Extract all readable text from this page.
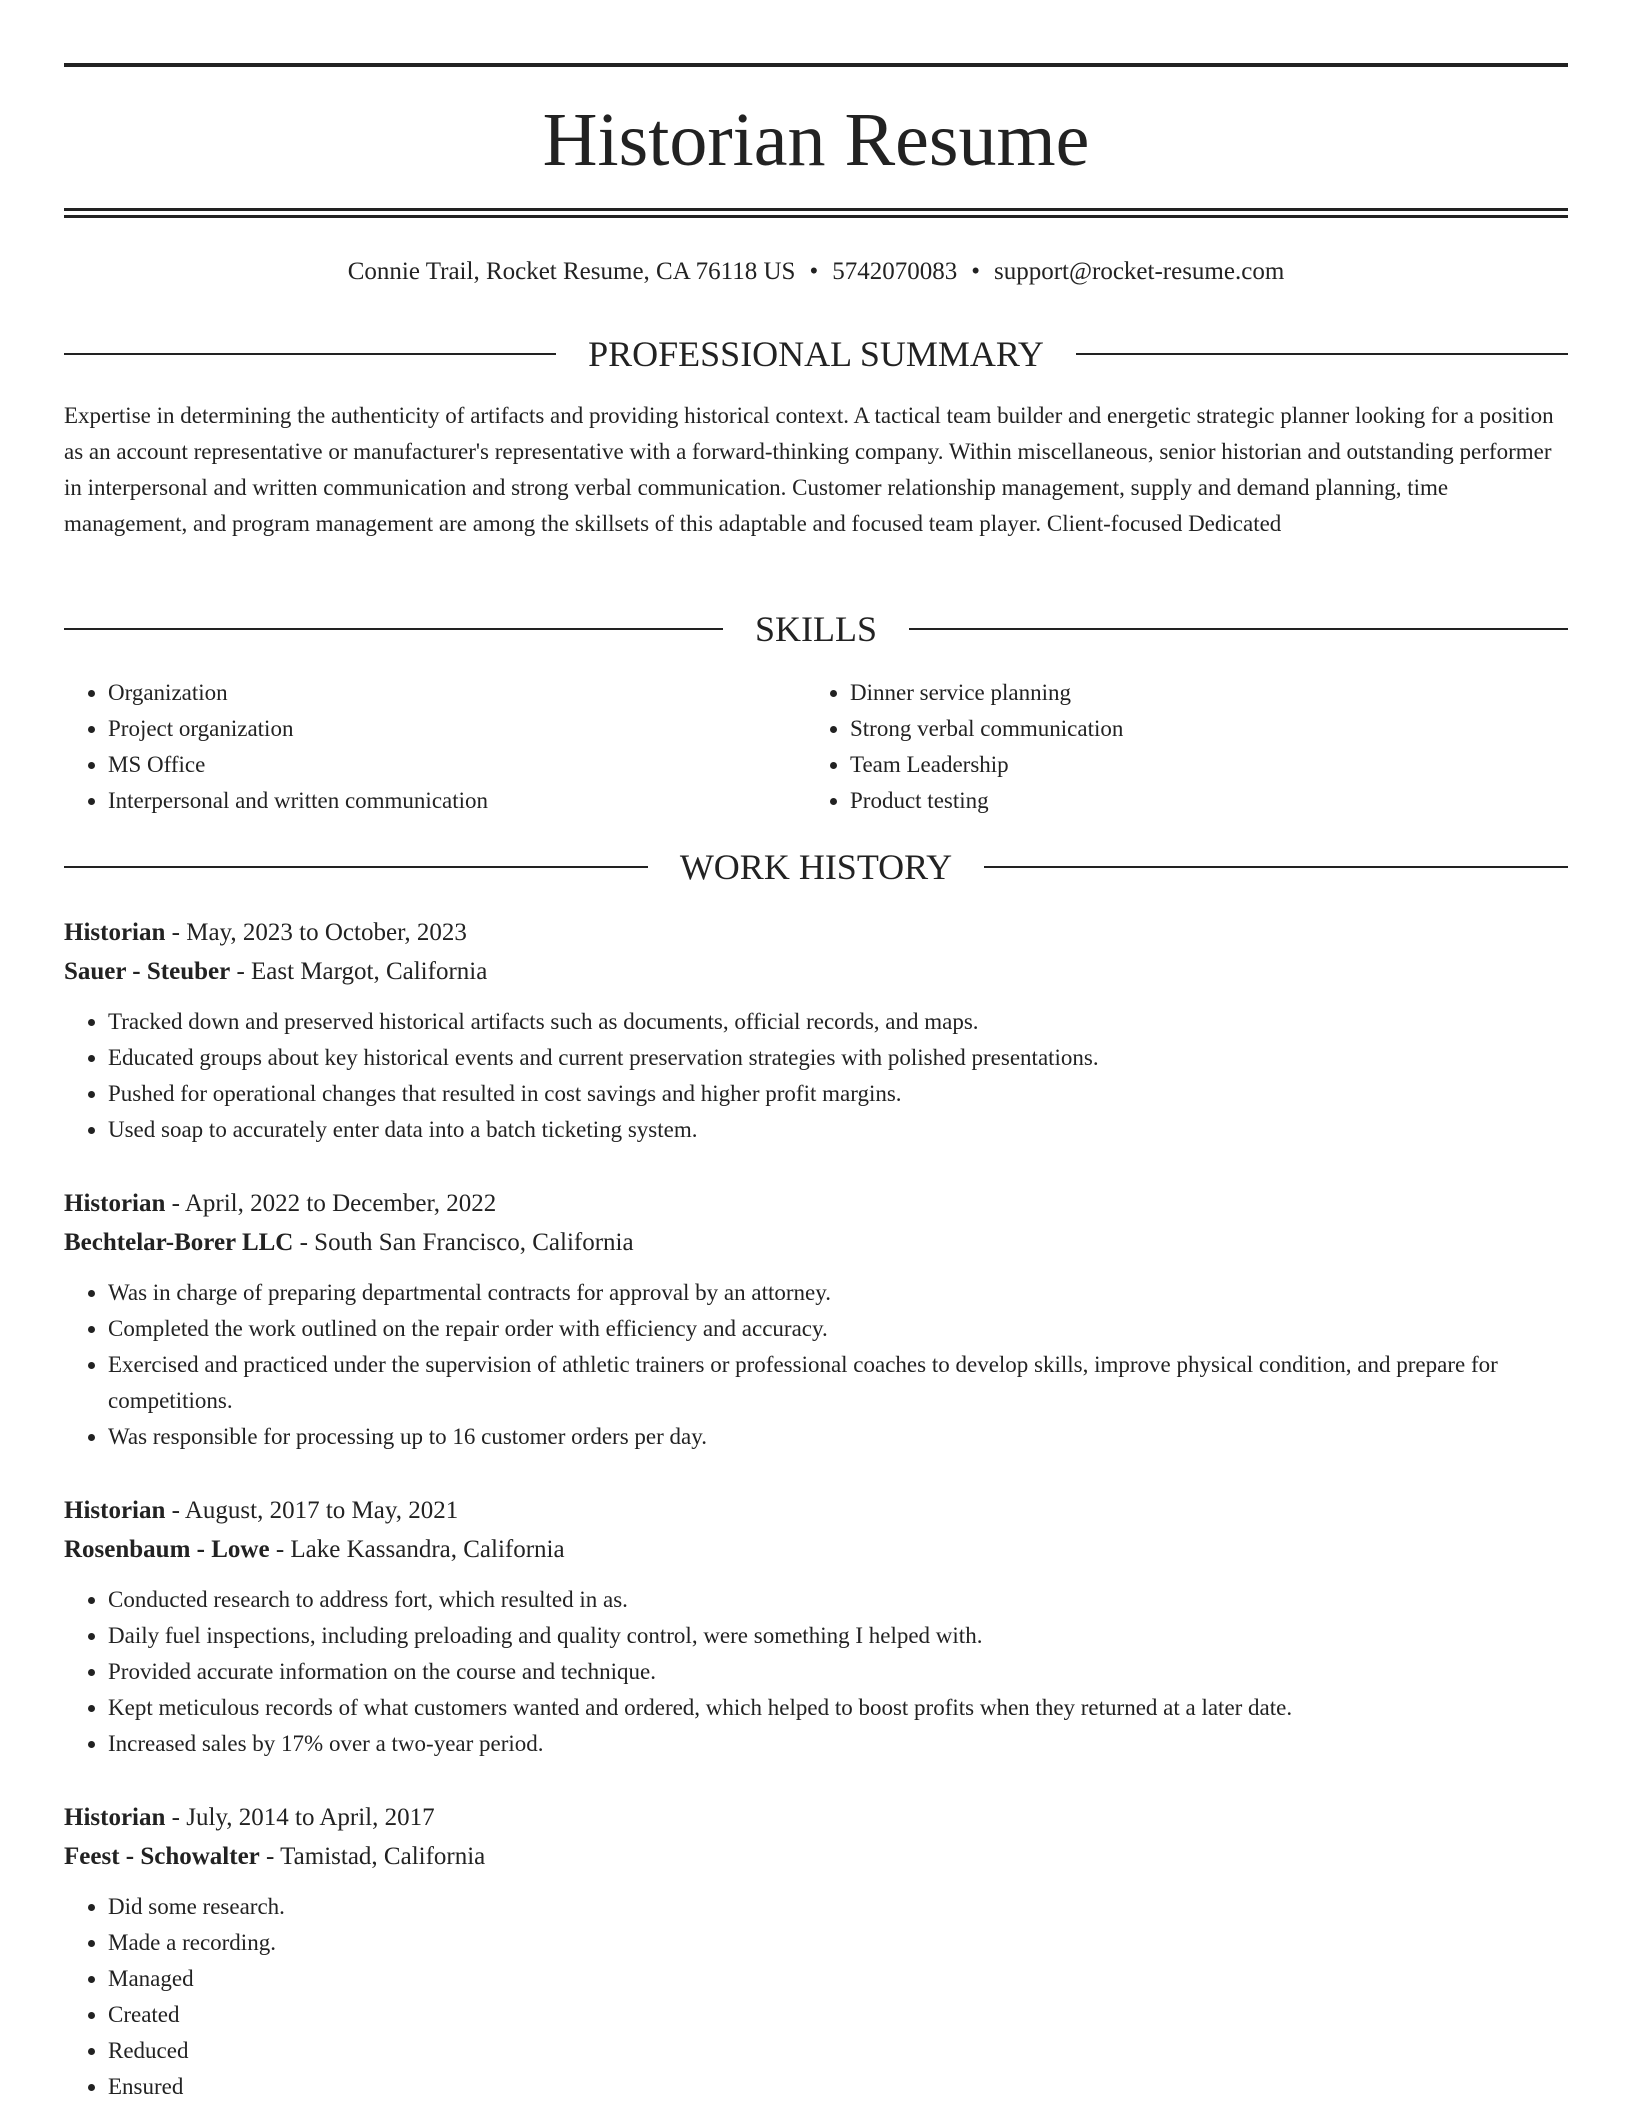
Historian Resume
Connie Trail, Rocket Resume, CA 76118 US • 5742070083 • support@rocket-resume.com
PROFESSIONAL SUMMARY

Expertise in determining the authenticity of artifacts and providing historical context. A tactical team builder and energetic strategic planner looking for a position as an account representative or manufacturer's representative with a forward-thinking company. Within miscellaneous, senior historian and outstanding performer in interpersonal and written communication and strong verbal communication. Customer relationship management, supply and demand planning, time management, and program management are among the skillsets of this adaptable and focused team player. Client-focused Dedicated

SKILLS
• Organization
• Project organization
• MS Office
• Interpersonal and written communication
• Dinner service planning
• Strong verbal communication
• Team Leadership
• Product testing
WORK HISTORY
Historian - May, 2023 to October, 2023
Sauer - Steuber - East Margot, California
• Tracked down and preserved historical artifacts such as documents, official records, and maps.
• Educated groups about key historical events and current preservation strategies with polished presentations.
• Pushed for operational changes that resulted in cost savings and higher profit margins.
• Used soap to accurately enter data into a batch ticketing system.
Historian - April, 2022 to December, 2022
Bechtelar-Borer LLC - South San Francisco, California
• Was in charge of preparing departmental contracts for approval by an attorney.
• Completed the work outlined on the repair order with efficiency and accuracy.
• Exercised and practiced under the supervision of athletic trainers or professional coaches to develop skills, improve physical condition, and prepare for competitions.
• Was responsible for processing up to 16 customer orders per day.
Historian - August, 2017 to May, 2021
Rosenbaum - Lowe - Lake Kassandra, California
• Conducted research to address fort, which resulted in as.
• Daily fuel inspections, including preloading and quality control, were something I helped with.
• Provided accurate information on the course and technique.
• Kept meticulous records of what customers wanted and ordered, which helped to boost profits when they returned at a later date.
• Increased sales by 17% over a two-year period.
Historian - July, 2014 to April, 2017
Feest - Schowalter - Tamistad, California
• Did some research.
• Made a recording.
• Managed
• Created
• Reduced
• Ensured
